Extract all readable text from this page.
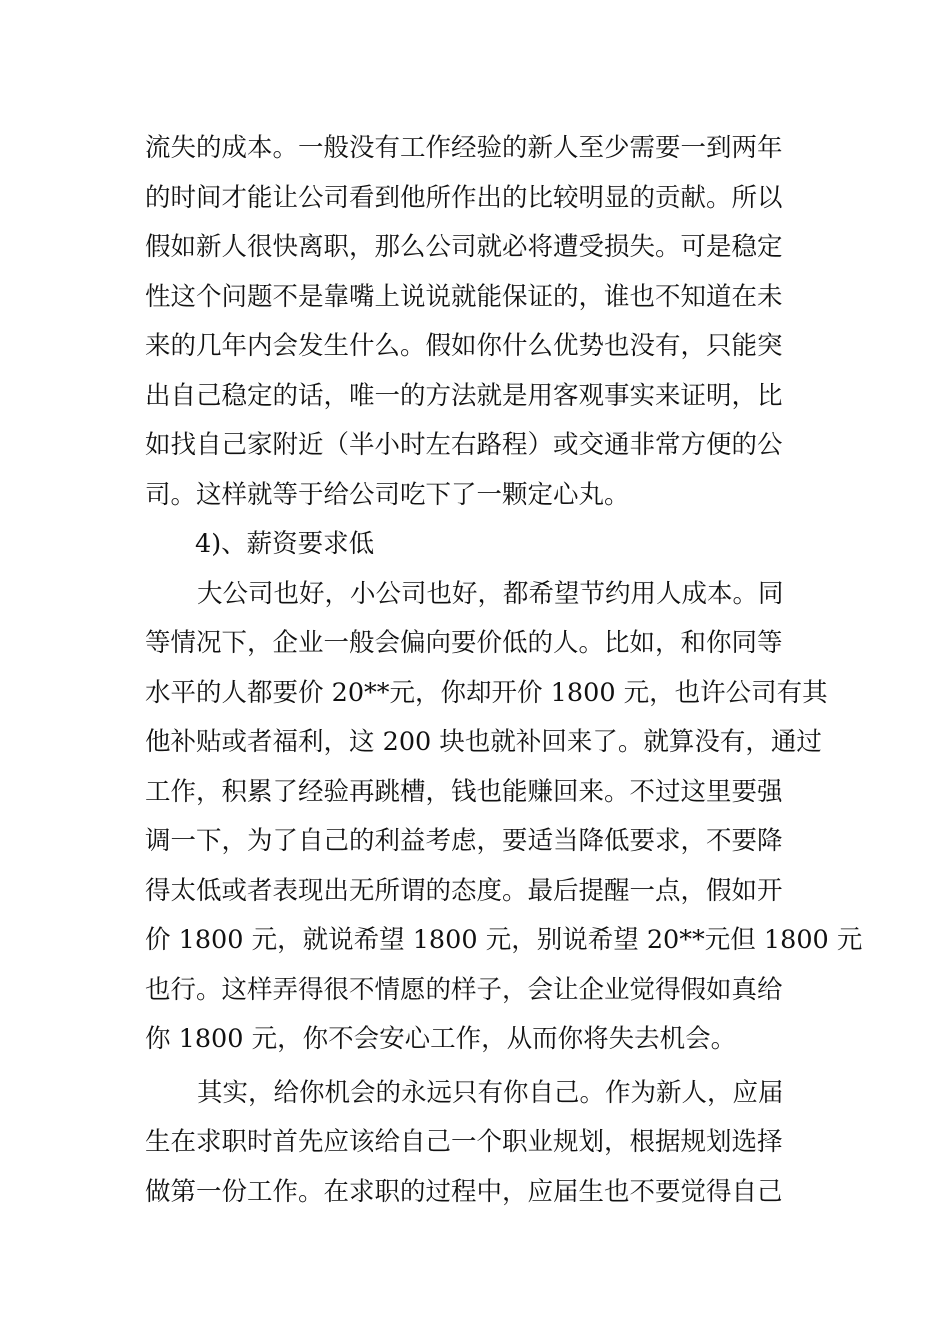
流失的成本。一般没有工作经验的新人至少需要一到两年
的时间才能让公司看到他所作出的比较明显的贡献。所以
假如新人很快离职，那么公司就必将遭受损失。可是稳定
性这个问题不是靠嘴上说说就能保证的，谁也不知道在未
来的几年内会发生什么。假如你什么优势也没有，只能突
出自己稳定的话，唯一的方法就是用客观事实来证明，比
如找自己家附近（半小时左右路程）或交通非常方便的公
司。这样就等于给公司吃下了一颗定心丸。
4)、薪资要求低
大公司也好，小公司也好，都希望节约用人成本。同
等情况下，企业一般会偏向要价低的人。比如，和你同等
水平的人都要价 20**元，你却开价 1800 元，也许公司有其
他补贴或者福利，这 200 块也就补回来了。就算没有，通过
工作，积累了经验再跳槽，钱也能赚回来。不过这里要强
调一下，为了自己的利益考虑，要适当降低要求，不要降
得太低或者表现出无所谓的态度。最后提醒一点，假如开
价 1800 元，就说希望 1800 元，别说希望 20**元但 1800 元
也行。这样弄得很不情愿的样子，会让企业觉得假如真给
你 1800 元，你不会安心工作，从而你将失去机会。
其实，给你机会的永远只有你自己。作为新人，应届
生在求职时首先应该给自己一个职业规划，根据规划选择
做第一份工作。在求职的过程中，应届生也不要觉得自己
